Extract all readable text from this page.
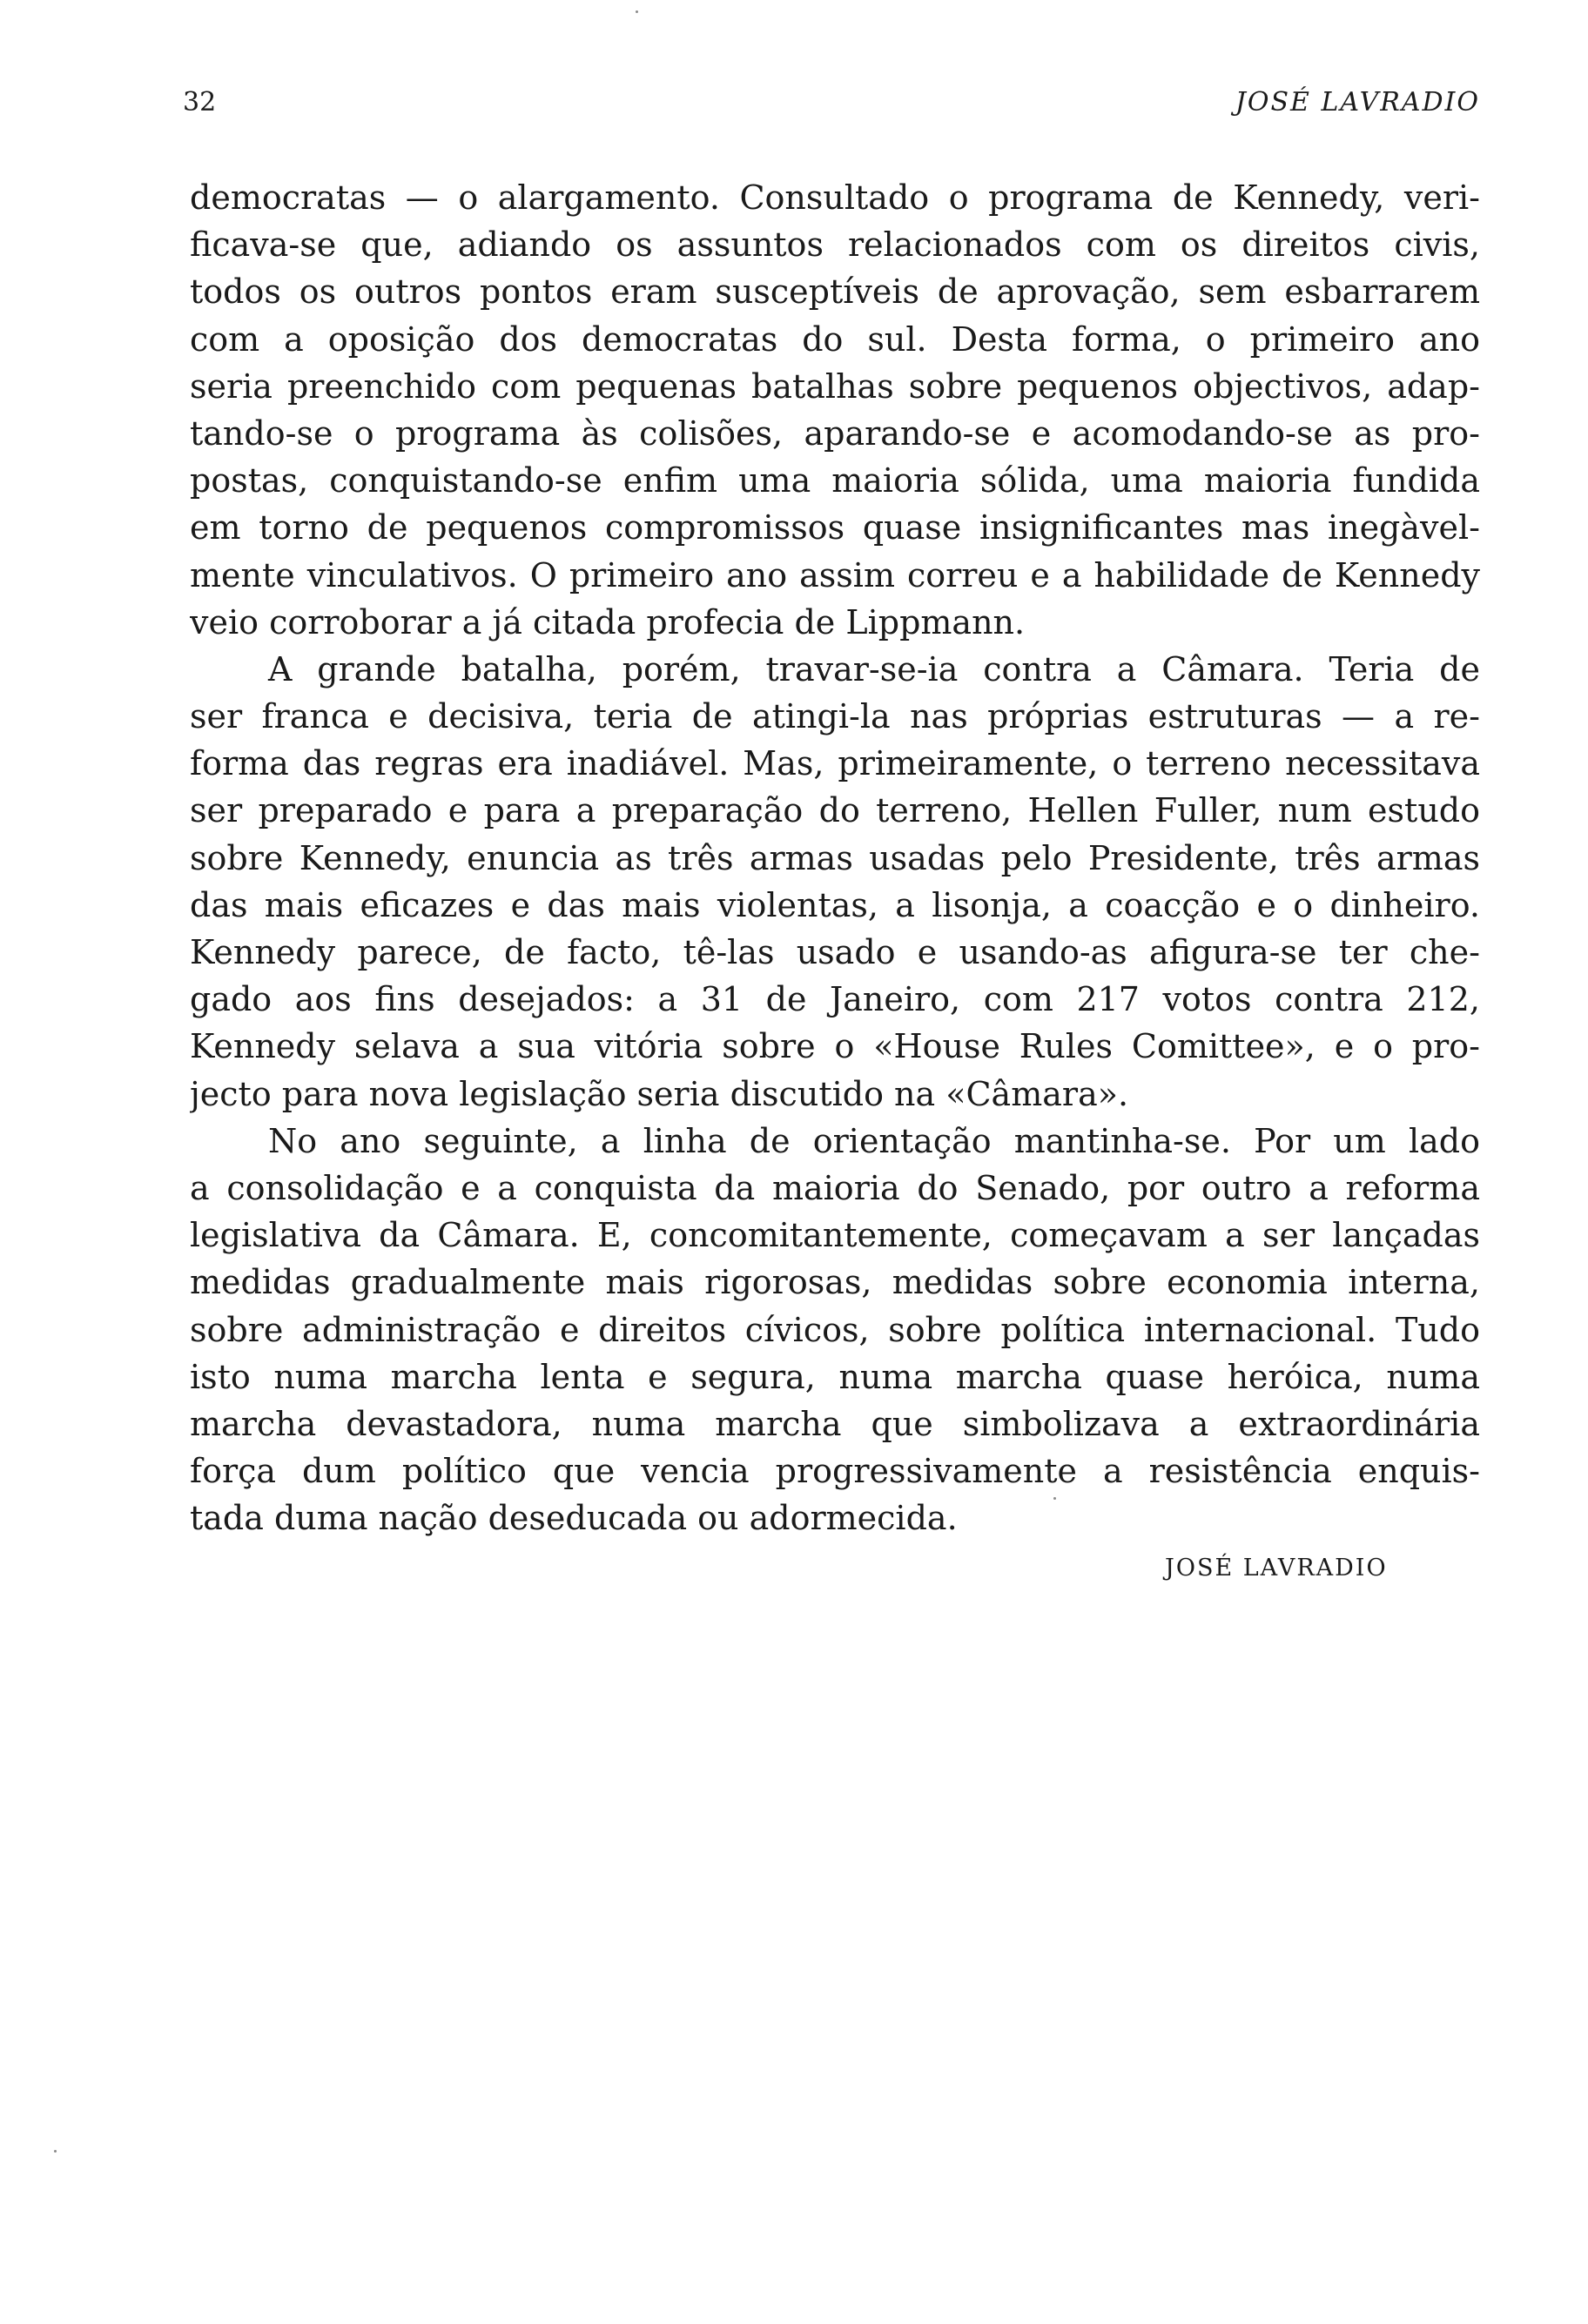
32	JOSÉ LAVRADIO
democratas — o alargamento. Consultado o programa de Kennedy, veri-
ficava-se que, adiando os assuntos relacionados com os direitos civis,
todos os outros pontos eram susceptíveis de aprovação, sem esbarrarem
com a oposição dos democratas do sul. Desta forma, o primeiro ano
seria preenchido com pequenas batalhas sobre pequenos objectivos, adap-
tando-se o programa às colisões, aparando-se e acomodando-se as pro-
postas, conquistando-se enfim uma maioria sólida, uma maioria fundida
em torno de pequenos compromissos quase insignificantes mas inegàvel-
mente vinculativos. O primeiro ano assim correu e a habilidade de Kennedy
veio corroborar a já citada profecia de Lippmann.
A grande batalha, porém, travar-se-ia contra a Câmara. Teria de
ser franca e decisiva, teria de atingi-la nas próprias estruturas — a re-
forma das regras era inadiável. Mas, primeiramente, o terreno necessitava
ser preparado e para a preparação do terreno, Hellen Fuller, num estudo
sobre Kennedy, enuncia as três armas usadas pelo Presidente, três armas
das mais eficazes e das mais violentas, a lisonja, a coacção e o dinheiro.
Kennedy parece, de facto, tê-las usado e usando-as afigura-se ter che-
gado aos fins desejados: a 31 de Janeiro, com 217 votos contra 212,
Kennedy selava a sua vitória sobre o «House Rules Comittee», e o pro-
jecto para nova legislação seria discutido na «Câmara».
No ano seguinte, a linha de orientação mantinha-se. Por um lado
a consolidação e a conquista da maioria do Senado, por outro a reforma
legislativa da Câmara. E, concomitantemente, começavam a ser lançadas
medidas gradualmente mais rigorosas, medidas sobre economia interna,
sobre administração e direitos cívicos, sobre política internacional. Tudo
isto numa marcha lenta e segura, numa marcha quase heróica, numa
marcha devastadora, numa marcha que simbolizava a extraordinária
força dum político que vencia progressivamente a resistência enquis-
tada duma nação deseducada ou adormecida.
JOSÉ LAVRADIO
